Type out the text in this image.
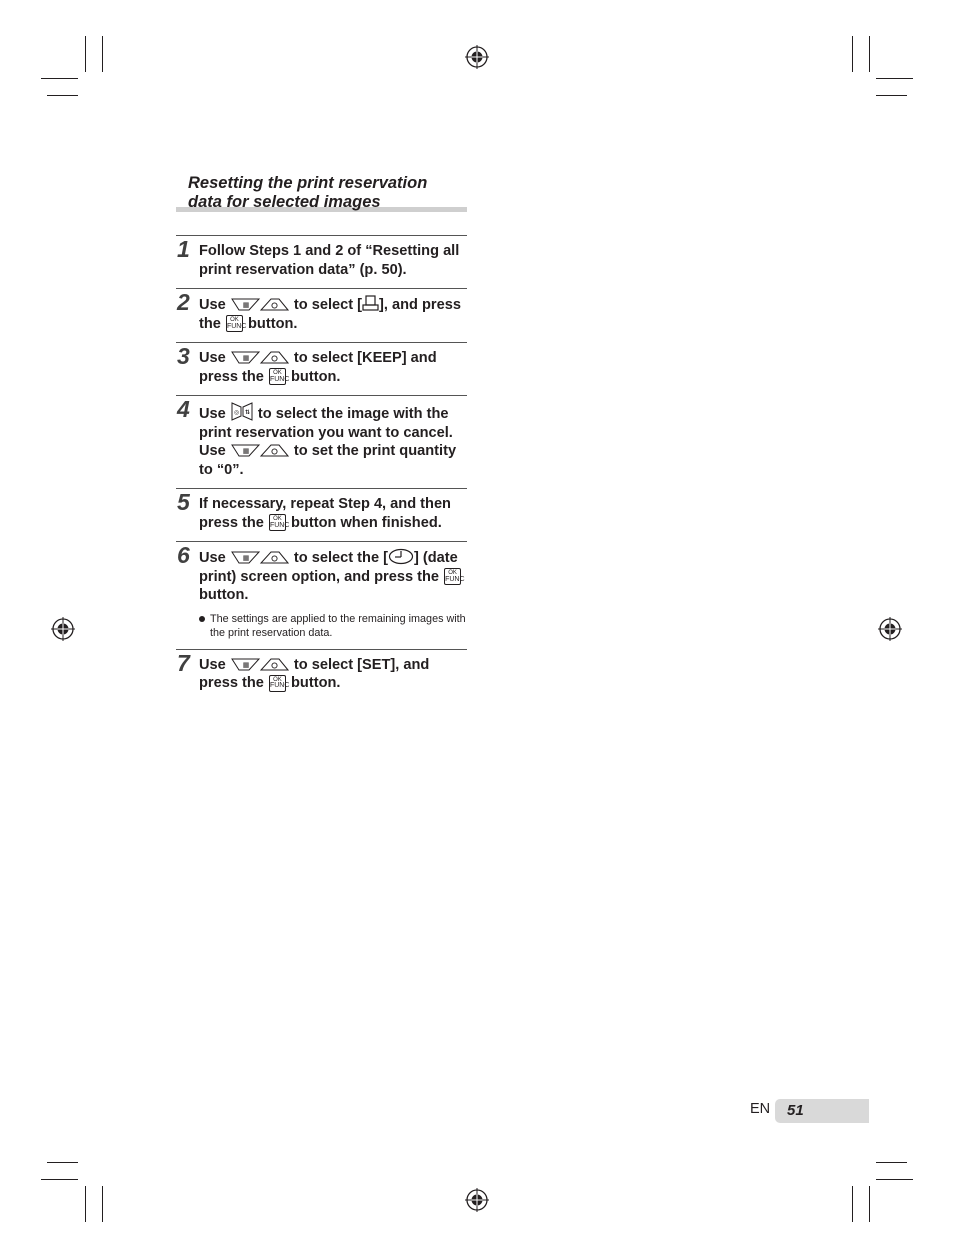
Resetting the print reservation
data for selected images
1 Follow Steps 1 and 2 of “Resetting all print reservation data” (p. 50).
2 Use ▦	to select [ ], and press the OK
FUNC button.
3 Use ▦	to select [KEEP] and press the OK
FUNC button.
4 Use ◎ ⇅ to select the image with the print reservation you want to cancel. Use ▦	to set the print quantity to “0”.
5 If necessary, repeat Step 4, and then press the OK
FUNC button when finished.
6 Use ▦	to select the [ ] (date print) screen option, and press the OK
FUNC
button.
The settings are applied to the remaining images with the print reservation data.
7 Use ▦	to select [SET], and press the OK
FUNC button.
EN 51
